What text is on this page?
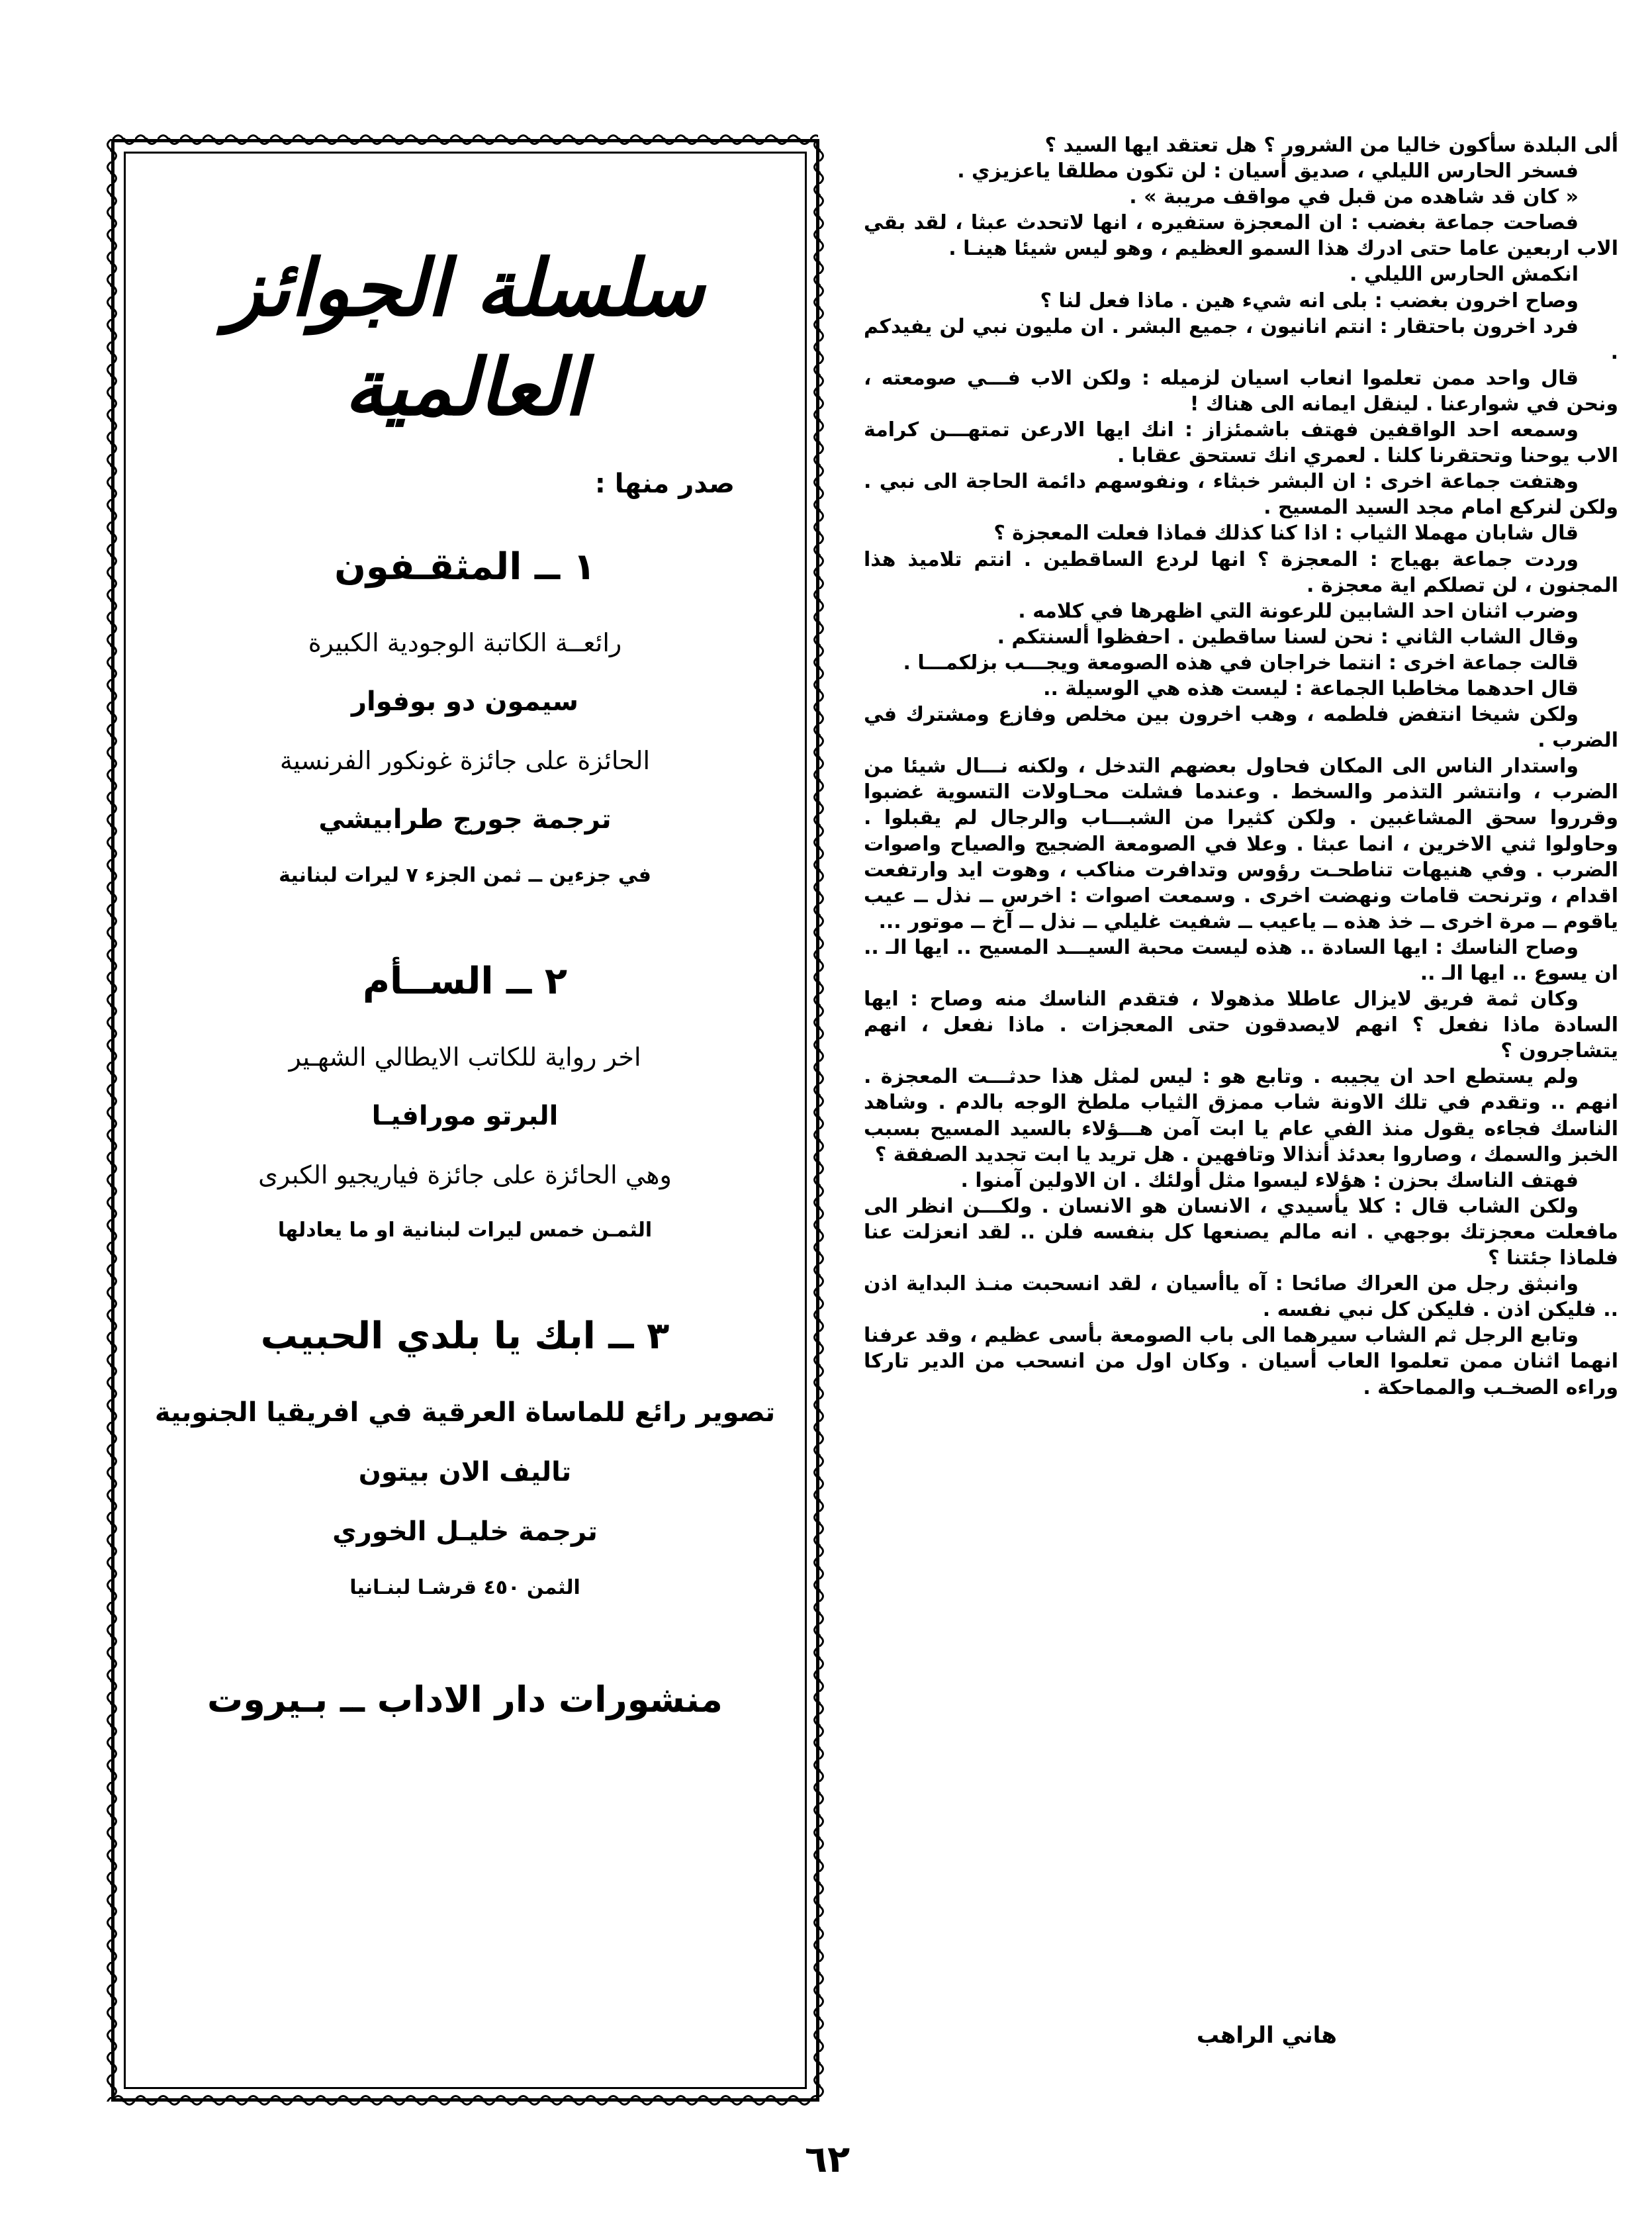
ألى البلدة سأكون خاليا من الشرور ؟ هل تعتقد ايها السيد ؟

فسخر الحارس الليلي ، صديق أسيان : لن تكون مطلقا ياعزيزي .

« كان قد شاهده من قبل في مواقف مريبة » .

فصاحت جماعة بغضب : ان المعجزة ستفيره ، انها لاتحدث عبثا ، لقد بقي الاب اربعين عاما حتى ادرك هذا السمو العظيم ، وهو ليس شيئا هينـا .

انكمش الحارس الليلي .

وصاح اخرون بغضب : بلى انه شيء هين . ماذا فعل لنا ؟

فرد اخرون باحتقار : انتم انانيون ، جميع البشر . ان مليون نبي لن يفيدكم .

قال واحد ممن تعلموا انعاب اسيان لزميله : ولكن الاب فـــي صومعته ، ونحن في شوارعنا . لينقل ايمانه الى هناك !

وسمعه احد الواقفين فهتف باشمئزاز : انك ايها الارعن تمتهـــن كرامة الاب يوحنا وتحتقرنا كلنا . لعمري انك تستحق عقابا .

وهتفت جماعة اخرى : ان البشر خبثاء ، ونفوسهم دائمة الحاجة الى نبي . ولكن لنركع امام مجد السيد المسيح .

قال شابان مهملا الثياب : اذا كنا كذلك فماذا فعلت المعجزة ؟

وردت جماعة بهياج : المعجزة ؟ انها لردع الساقطين . انتم تلاميذ هذا المجنون ، لن تصلكم اية معجزة .

وضرب اثنان احد الشابين للرعونة التي اظهرها في كلامه .

وقال الشاب الثاني : نحن لسنا ساقطين . احفظوا ألسنتكم .

قالت جماعة اخرى : انتما خراجان في هذه الصومعة ويجـــب بزلكمـــا .

قال احدهما مخاطبا الجماعة : ليست هذه هي الوسيلة ..

ولكن شيخا انتفض فلطمه ، وهب اخرون بين مخلص وفازع ومشترك في الضرب .

واستدار الناس الى المكان فحاول بعضهم التدخل ، ولكنه نـــال شيئا من الضرب ، وانتشر التذمر والسخط . وعندما فشلت محـاولات التسوية غضبوا وقرروا سحق المشاغبين . ولكن كثيرا من الشبـــاب والرجال لم يقبلوا . وحاولوا ثني الاخرين ، انما عبثا . وعلا في الصومعة الضجيج والصياح واصوات الضرب . وفي هنيهات تناطحـت رؤوس وتدافرت مناكب ، وهوت ايد وارتفعت اقدام ، وترنحت قامات ونهضت اخرى . وسمعت اصوات : اخرس ــ نذل ــ عيب ياقوم ــ مرة اخرى ــ خذ هذه ــ ياعيب ــ شفيت غليلي ــ نذل ــ آخ ــ موتور ...

وصاح الناسك : ايها السادة .. هذه ليست محبة السيـــد المسيح .. ايها الـ .. ان يسوع .. ايها الـ ..

وكان ثمة فريق لايزال عاطلا مذهولا ، فتقدم الناسك منه وصاح : ايها السادة ماذا نفعل ؟ انهم لايصدقون حتى المعجزات . ماذا نفعل ، انهم يتشاجرون ؟

ولم يستطع احد ان يجيبه . وتابع هو : ليس لمثل هذا حدثـــت المعجزة . انهم .. وتقدم في تلك الاونة شاب ممزق الثياب ملطخ الوجه بالدم . وشاهد الناسك فجاءه يقول منذ الفي عام يا ابت آمن هـــؤلاء بالسيد المسيح بسبب الخبز والسمك ، وصاروا بعدئذ أنذالا وتافهين . هل تريد يا ابت تجديد الصفقة ؟

فهتف الناسك بحزن : هؤلاء ليسوا مثل أولئك . ان الاولين آمنوا .

ولكن الشاب قال : كلا يأسيدي ، الانسان هو الانسان . ولكـــن انظر الى مافعلت معجزتك بوجهي . انه مالم يصنعها كل بنفسه فلن .. لقد انعزلت عنا فلماذا جئتنا ؟

وانبثق رجل من العراك صائحا : آه ياأسيان ، لقد انسحبت منـذ البداية اذن .. فليكن اذن . فليكن كل نبي نفسه .

وتابع الرجل ثم الشاب سيرهما الى باب الصومعة بأسى عظيم ، وقد عرفنا انهما اثنان ممن تعلموا العاب أسيان . وكان اول من انسحب من الدير تاركا وراءه الصخـب والمماحكة .

هاني الراهب
سلسلة الجوائز العالمية
صدر منها :

١ ــ المثقـفون

رائعــة الكاتبة الوجودية الكبيرة

سيمون دو بوفوار

الحائزة على جائزة غونكور الفرنسية

ترجمة جورج طرابيشي

في جزءين ــ ثمن الجزء ٧ ليرات لبنانية

٢ ــ الســأم

اخر رواية للكاتب الايطالي الشهـير

البرتو مورافيـا

وهي الحائزة على جائزة فياريجيو الكبرى

الثمـن خمس ليرات لبنانية او ما يعادلها

٣ ــ ابك يا بلدي الحبيب

تصوير رائع للماساة العرقية في افريقيا الجنوبية

تاليف الان بيتون

ترجمة خليـل الخوري

الثمن ٤٥٠ قرشـا لبنـانيا

منشورات دار الاداب ــ بـيروت

٦٢
